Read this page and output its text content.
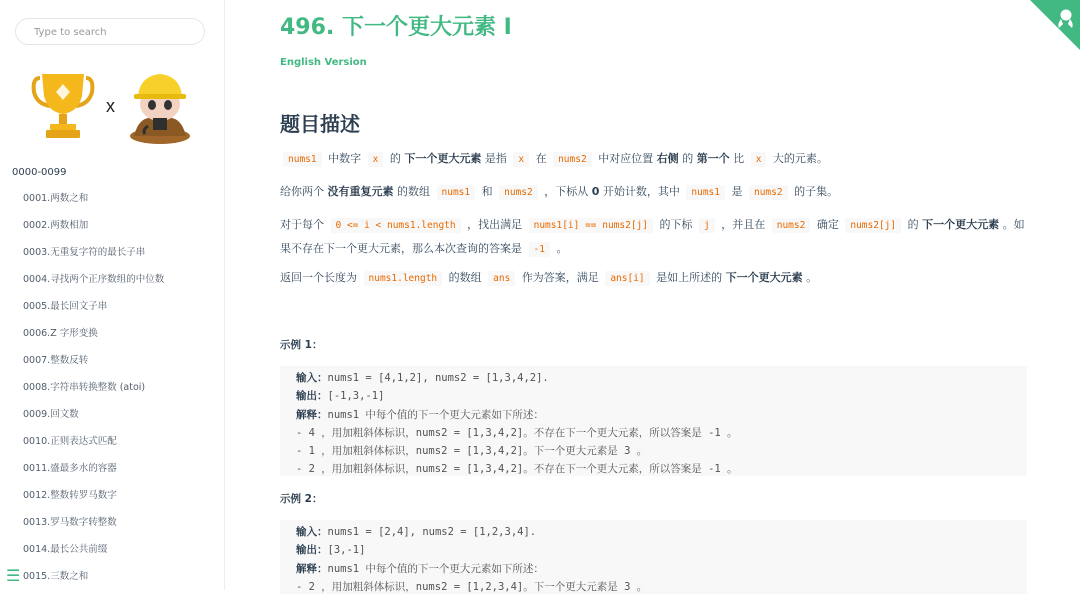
Type to search
x
0000-0099
0001.两数之和
0002.两数相加
0003.无重复字符的最长子串
0004.寻找两个正序数组的中位数
0005.最长回文子串
0006.Z 字形变换
0007.整数反转
0008.字符串转换整数 (atoi)
0009.回文数
0010.正则表达式匹配
0011.盛最多水的容器
0012.整数转罗马数字
0013.罗马数字转整数
0014.最长公共前缀
0015.三数之和
☰
496. 下一个更大元素 I
English Version
题目描述
nums1 中数字 x 的 下一个更大元素 是指 x 在 nums2 中对应位置 右侧 的 第一个 比 x 大的元素。
给你两个 没有重复元素 的数组 nums1 和 nums2 ，下标从 0 开始计数，其中 nums1 是 nums2 的子集。
对于每个 0 <= i < nums1.length ，找出满足 nums1[i] == nums2[j] 的下标 j ，并且在 nums2 确定 nums2[j] 的 下一个更大元素 。如果不存在下一个更大元素，那么本次查询的答案是 -1 。
返回一个长度为 nums1.length 的数组 ans 作为答案，满足 ans[i] 是如上所述的 下一个更大元素 。
示例 1：
输入：nums1 = [4,1,2], nums2 = [1,3,4,2].
输出：[-1,3,-1]
解释：nums1 中每个值的下一个更大元素如下所述：
- 4 ，用加粗斜体标识，nums2 = [1,3,4,2]。不存在下一个更大元素，所以答案是 -1 。
- 1 ，用加粗斜体标识，nums2 = [1,3,4,2]。下一个更大元素是 3 。
- 2 ，用加粗斜体标识，nums2 = [1,3,4,2]。不存在下一个更大元素，所以答案是 -1 。
示例 2：
输入：nums1 = [2,4], nums2 = [1,2,3,4].
输出：[3,-1]
解释：nums1 中每个值的下一个更大元素如下所述：
- 2 ，用加粗斜体标识，nums2 = [1,2,3,4]。下一个更大元素是 3 。
